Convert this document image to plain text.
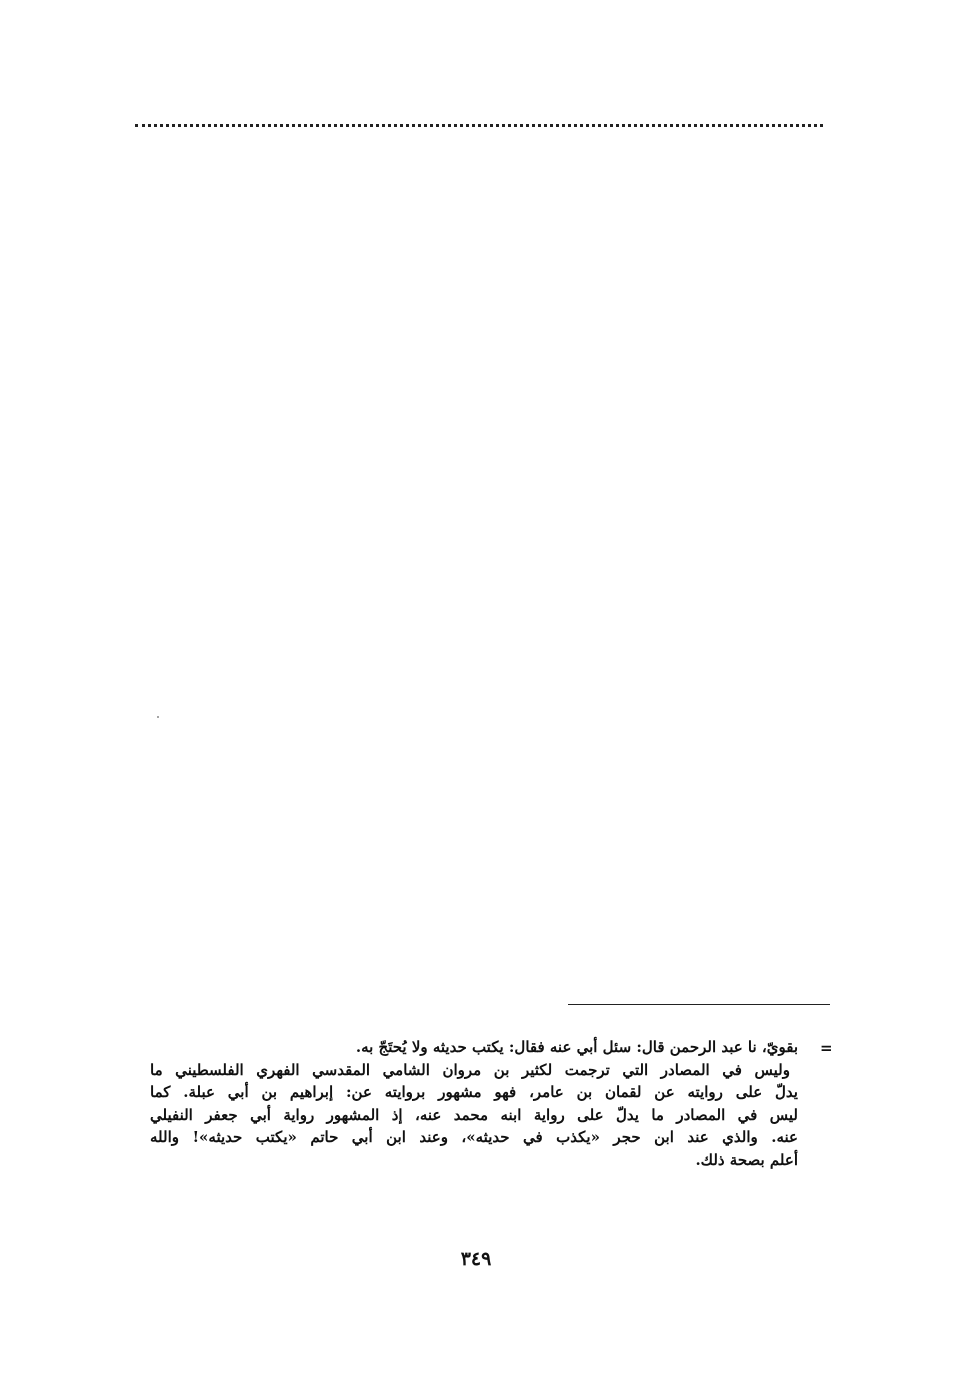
=
بقويّ، نا عبد الرحمن قال: سئل أبي عنه فقال: يكتب حديثه ولا يُحتَجّ به.
وليس في المصادر التي ترجمت لكثير بن مروان الشامي المقدسي الفهري الفلسطيني ما
يدلّ على روايته عن لقمان بن عامر، فهو مشهور بروايته عن: إبراهيم بن أبي عبلة. كما
ليس في المصادر ما يدلّ على رواية ابنه محمد عنه، إذ المشهور رواية أبي جعفر النفيلي
عنه. والذي عند ابن حجر «يكذب في حديثه»، وعند ابن أبي حاتم «يكتب حديثه»! والله
أعلم بصحة ذلك.
٣٤٩
